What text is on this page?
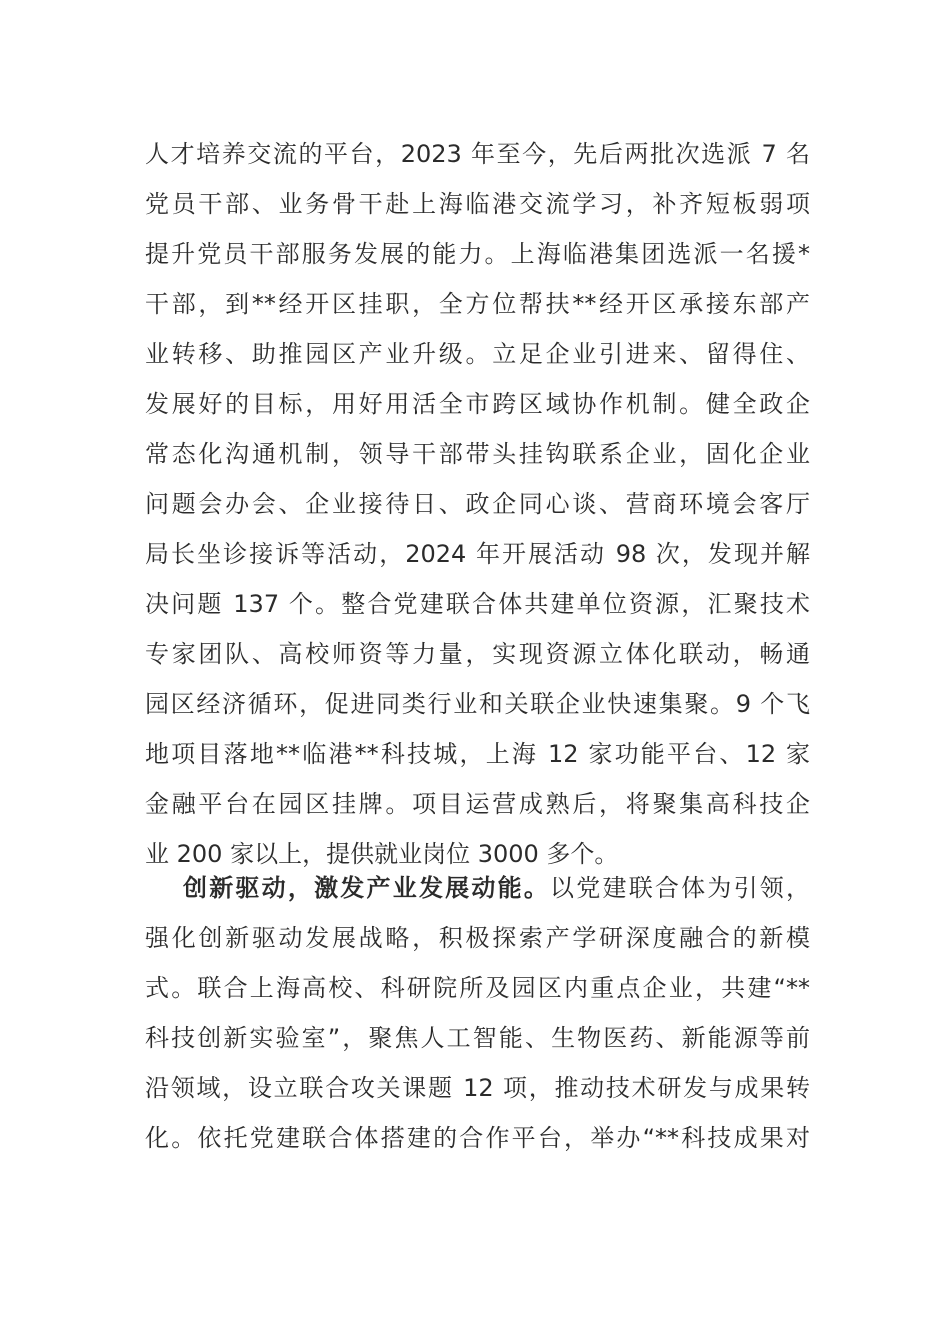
人才培养交流的平台，2023 年至今，先后两批次选派 7 名
党员干部、业务骨干赴上海临港交流学习，补齐短板弱项
提升党员干部服务发展的能力。上海临港集团选派一名援*
干部，到**经开区挂职，全方位帮扶**经开区承接东部产
业转移、助推园区产业升级。立足企业引进来、留得住、
发展好的目标，用好用活全市跨区域协作机制。健全政企
常态化沟通机制，领导干部带头挂钩联系企业，固化企业
问题会办会、企业接待日、政企同心谈、营商环境会客厅
局长坐诊接诉等活动，2024 年开展活动 98 次，发现并解
决问题 137 个。整合党建联合体共建单位资源，汇聚技术
专家团队、高校师资等力量，实现资源立体化联动，畅通
园区经济循环，促进同类行业和关联企业快速集聚。9 个飞
地项目落地**临港**科技城，上海 12 家功能平台、12 家
金融平台在园区挂牌。项目运营成熟后，将聚集高科技企
业 200 家以上，提供就业岗位 3000 多个。
创新驱动，激发产业发展动能。以党建联合体为引领，
强化创新驱动发展战略，积极探索产学研深度融合的新模
式。联合上海高校、科研院所及园区内重点企业，共建“**
科技创新实验室”，聚焦人工智能、生物医药、新能源等前
沿领域，设立联合攻关课题 12 项，推动技术研发与成果转
化。依托党建联合体搭建的合作平台，举办“**科技成果对
